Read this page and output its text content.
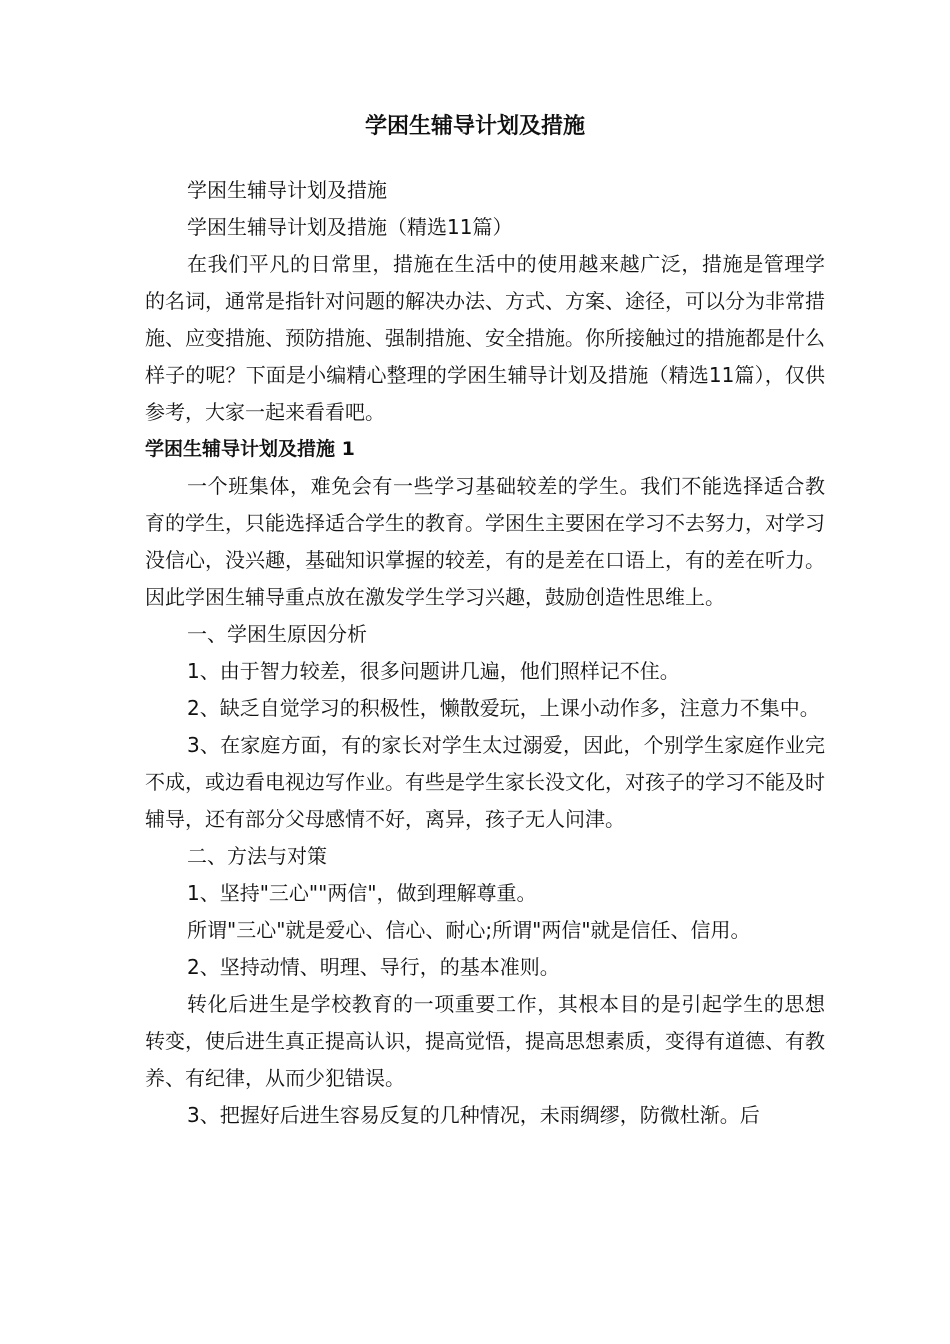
学困生辅导计划及措施

学困生辅导计划及措施

学困生辅导计划及措施（精选11篇）

在我们平凡的日常里，措施在生活中的使用越来越广泛，措施是管理学的名词，通常是指针对问题的解决办法、方式、方案、途径，可以分为非常措施、应变措施、预防措施、强制措施、安全措施。你所接触过的措施都是什么样子的呢？下面是小编精心整理的学困生辅导计划及措施（精选11篇），仅供参考，大家一起来看看吧。

学困生辅导计划及措施 1

一个班集体，难免会有一些学习基础较差的学生。我们不能选择适合教育的学生，只能选择适合学生的教育。学困生主要困在学习不去努力，对学习没信心，没兴趣，基础知识掌握的较差，有的是差在口语上，有的差在听力。因此学困生辅导重点放在激发学生学习兴趣，鼓励创造性思维上。

一、学困生原因分析

1、由于智力较差，很多问题讲几遍，他们照样记不住。

2、缺乏自觉学习的积极性，懒散爱玩，上课小动作多，注意力不集中。

3、在家庭方面，有的家长对学生太过溺爱，因此，个别学生家庭作业完不成，或边看电视边写作业。有些是学生家长没文化，对孩子的学习不能及时辅导，还有部分父母感情不好，离异，孩子无人问津。

二、方法与对策

1、坚持"三心""两信"，做到理解尊重。

所谓"三心"就是爱心、信心、耐心;所谓"两信"就是信任、信用。

2、坚持动情、明理、导行，的基本准则。

转化后进生是学校教育的一项重要工作，其根本目的是引起学生的思想转变，使后进生真正提高认识，提高觉悟，提高思想素质，变得有道德、有教养、有纪律，从而少犯错误。

3、把握好后进生容易反复的几种情况，未雨绸缪，防微杜渐。后
